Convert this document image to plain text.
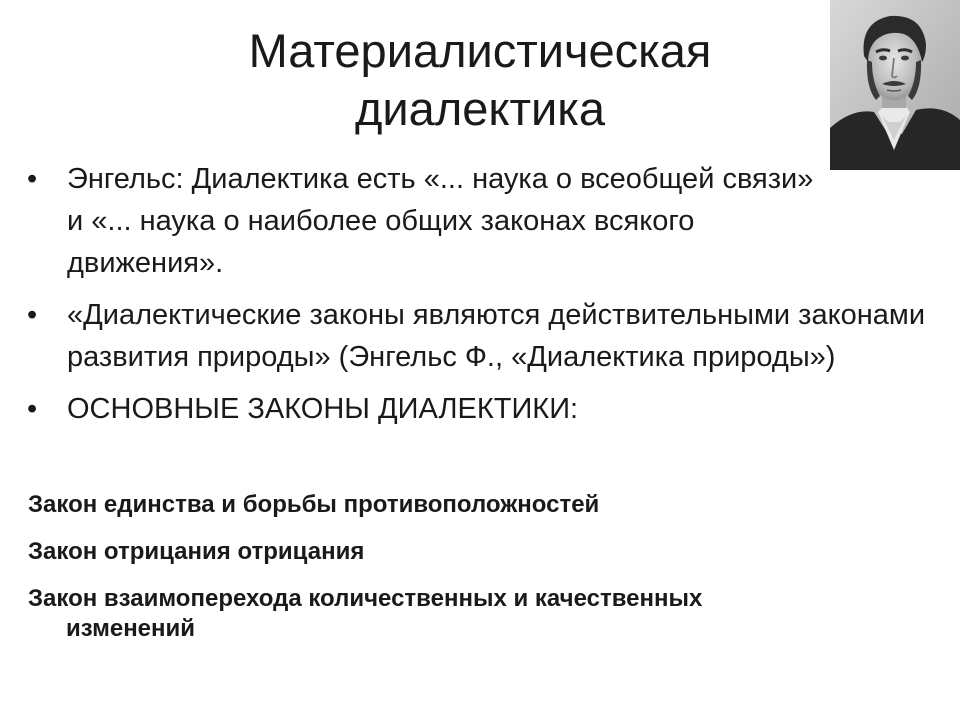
Материалистическая
диалектика
• Энгельс: Диалектика есть «... наука о всеобщей связи» и «... наука о наиболее общих законах всякого движения».
• «Диалектические законы являются действительными законами развития природы» (Энгельс Ф., «Диалектика природы»)
• ОСНОВНЫЕ ЗАКОНЫ ДИАЛЕКТИКИ:
Закон единства и борьбы противоположностей
Закон отрицания отрицания
Закон взаимоперехода количественных и качественных
изменений
